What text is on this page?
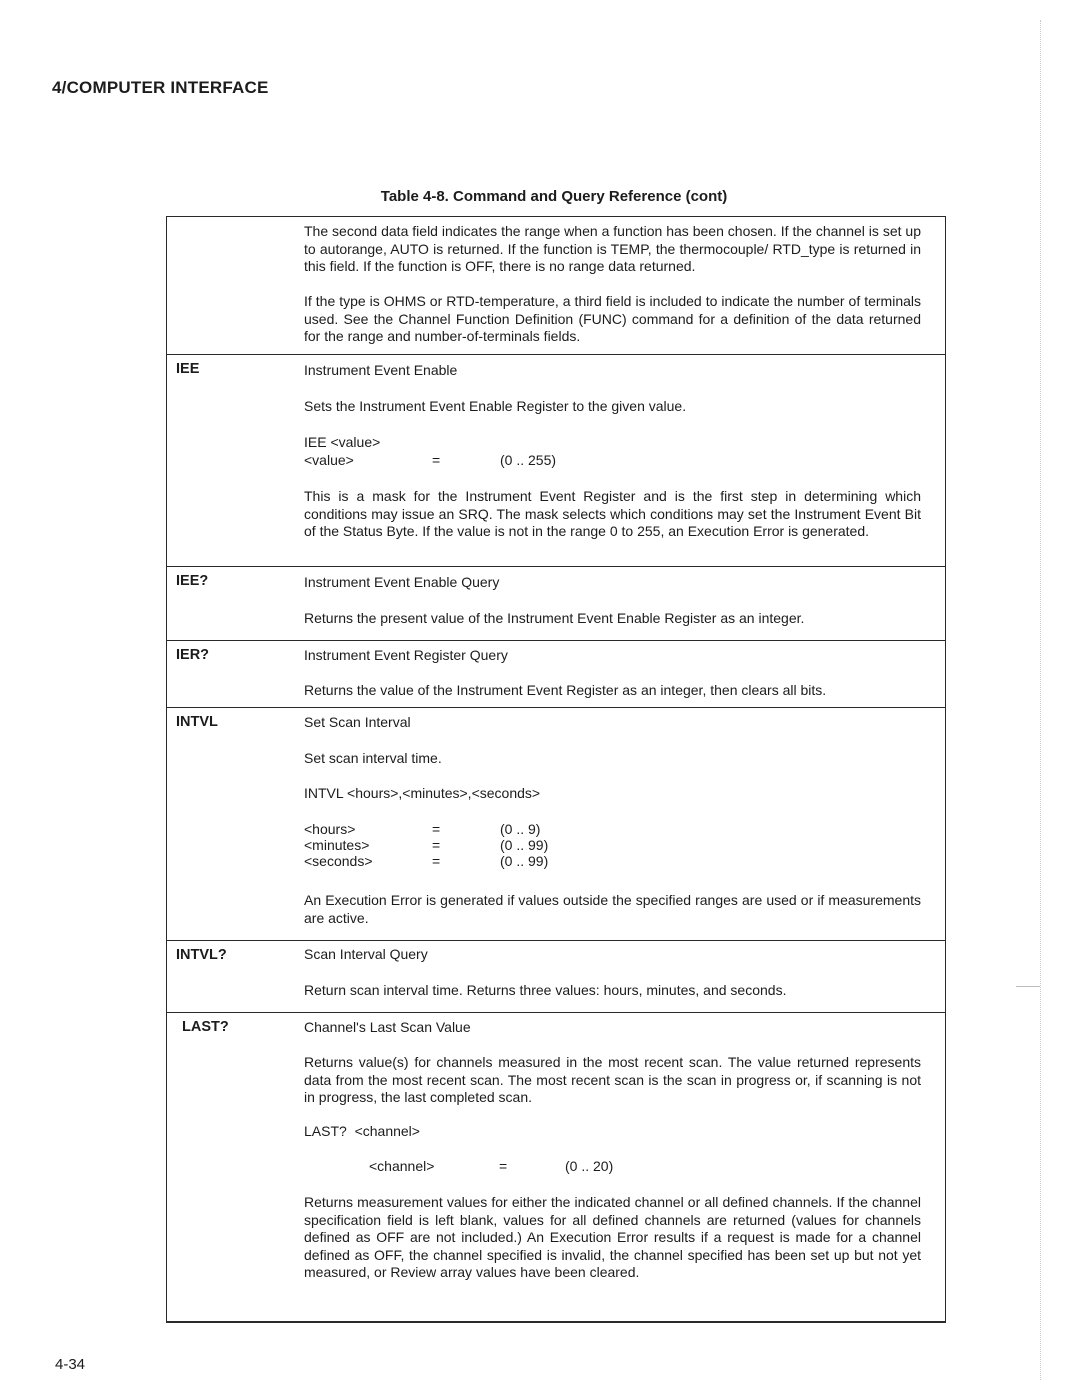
4/COMPUTER INTERFACE
Table 4-8. Command and Query Reference (cont)
The second data field indicates the range when a function has been chosen. If the channel is set up to autorange, AUTO is returned. If the function is TEMP, the thermocouple/ RTD_type is returned in this field. If the function is OFF, there is no range data returned.
If the type is OHMS or RTD-temperature, a third field is included to indicate the number of terminals used. See the Channel Function Definition (FUNC) command for a definition of the data returned for the range and number-of-terminals fields.
IEE	Instrument Event Enable
Sets the Instrument Event Enable Register to the given value.
IEE <value>
<value>	=	(0 .. 255)
This is a mask for the Instrument Event Register and is the first step in determining which conditions may issue an SRQ. The mask selects which conditions may set the Instrument Event Bit of the Status Byte. If the value is not in the range 0 to 255, an Execution Error is generated.
IEE?	Instrument Event Enable Query
Returns the present value of the Instrument Event Enable Register as an integer.
IER?	Instrument Event Register Query
Returns the value of the Instrument Event Register as an integer, then clears all bits.
INTVL	Set Scan Interval
Set scan interval time.
INTVL <hours>,<minutes>,<seconds>
<hours>	=	(0 .. 9)
<minutes>	=	(0 .. 99)
<seconds>	=	(0 .. 99)
An Execution Error is generated if values outside the specified ranges are used or if measurements are active.
INTVL?	Scan Interval Query
Return scan interval time. Returns three values: hours, minutes, and seconds.
LAST?	Channel's Last Scan Value
Returns value(s) for channels measured in the most recent scan. The value returned represents data from the most recent scan. The most recent scan is the scan in progress or, if scanning is not in progress, the last completed scan.
LAST?  <channel>
<channel>	=	(0 .. 20)
Returns measurement values for either the indicated channel or all defined channels. If the channel specification field is left blank, values for all defined channels are returned (values for channels defined as OFF are not included.) An Execution Error results if a request is made for a channel defined as OFF, the channel specified is invalid, the channel specified has been set up but not yet measured, or Review array values have been cleared.
4-34
